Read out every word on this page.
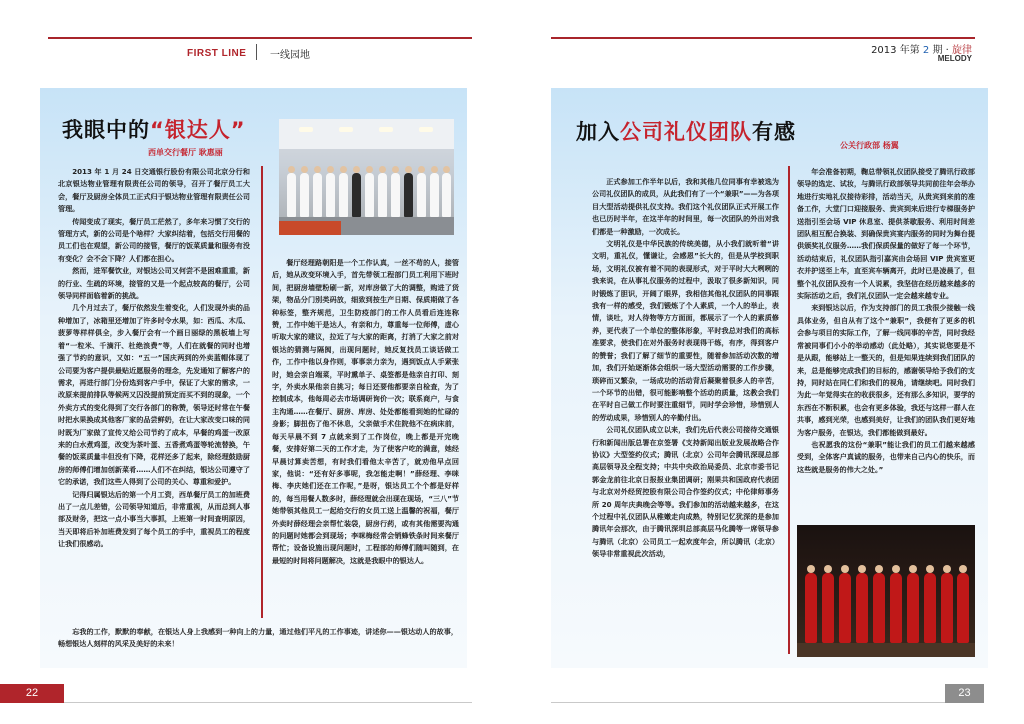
FIRST LINE 一线园地	2013 年第 2 期 · 旋律
MELODY
我眼中的“银达人”
西单交行餐厅 耿惠丽

2013 年 1 月 24 日交通银行股份有限公司北京分行和北京银达物业管理有限责任公司的领导，召开了餐厅员工大会，餐厅及厨房全体员工正式归于银达物业管理有限责任公司管理。

传闻变成了现实，餐厅员工茫然了，多年来习惯了交行的管理方式，新的公司是个啥样？大家纠结着，包括交行用餐的员工们也在观望，新公司的接管，餐厅的饭菜质量和服务有没有变化？会不会下降？人们都在担心。

然而，进军餐饮业，对银达公司又何尝不是困难重重，新的行业、生疏的环境，接管的又是一个起点较高的餐厅，公司领导同样面临着新的挑战。

几个月过去了，餐厅依然发生着变化，人们发现外卖的品种增加了，冰箱里还增加了许多时令水果，如：西瓜、木瓜、菠萝等样样俱全，步入餐厅会有一个画日丽绿的黑板墙上写着“一粒米、千滴汗、杜绝浪费”等，人们在就餐的同时也增强了节约的意识，又如：“五一”国庆两到的外卖蓝帽体现了公司要为客户提供最贴近愿服务的理念，先发通知了解客户的需求，再进行部门分份选到客户手中，保证了大家的需求，一改原来提前排队等候两又囚没提前预定而买不到的现象，一个外卖方式的变化得到了交行各部门的称赞，领导还时常在午餐时把水果换成其他客厂家的品尝鲜奶，在让大家改变口味的同时既为厂家做了宣传又给公司节约了成本，早餐的鸡蛋一改原来的白水煮鸡蛋，改变为茶叶蛋、五香煮鸡蛋等轮流替换，午餐的饭菜质量丰但没有下降，花样还多了起来，除经理鼓励厨房的师傅们增加创新菜肴……人们不在纠结，银达公司遵守了它的承诺，我们这些人得到了公司的关心、尊重和爱护。

记得归属银达后的第一个月工资，西单餐厅员工的加班费出了一点儿差错，公司领导知道后，非常重视，从而总到人事部及财务，把这一点小事当大事抓，上班第一时间查明原因，当天即将后补加班费发到了每个员工的手中，重视员工的程度让我们很感动。

餐厅经理路朝阳是一个工作认真，一丝不苟的人，接管后，她从改变环境入手，首先带领工程部门员工利用下班时间，把厨房墙壁粉刷一新，对库房做了大的调整，购进了货架，物品分门别类码放，细致到按生产日期、保质期做了各种标签，整齐规范，卫生防疫部门的工作人员看后连连称赞，工作中她干是达人，有亲和力，尊重每一位师傅，虚心听取大家的建议，拉近了与大家的距离，打消了大家之前对银达的猜测与隔阂，出现问题时，她反复找员工谈话做工作，工作中他以身作则，事事亲力亲为，遇到饭点人手紧张时，她会亲自端菜，平时熏单子、桌签都是他亲自打印、刻字，外卖水果他亲自挑习；每日还要他都要亲自检查，为了控制成本，他每周必去市场调研询价一次；联系商户，与食主沟通……在餐厅、厨房、库房、处处都能看到她的忙碌的身影；脚扭伤了他不休息，父亲做手术住院他不在病床前，每天早晨不到 7 点就来到了工作岗位，晚上都是开完晚餐，安排好第二天的工作才走，为了使客户吃的满意，她经早晨讨算卖苦想，有时我们看他太辛苦了，就劝他早点回家，他说：“还有好多事呢，我怎能走啊！”薛经理、李咪梅、李庆她们还在工作呢，”是呀，银达员工个个都是好样的，每当用餐人数多时，薛经理就会出现在现场，“三八”节她带领其他员工一起给交行的女员工送上温馨的祝福，餐厅外卖时薛经理会亲帮忙装袋，厨房行药，或有其他需要沟通的问题时她都会到现场；李咪梅经常会销蜂铁条时间来餐厅帮忙；设备设施出现问题时，工程部的师傅们随叫随到，在最短的时间将问题解决，这就是我眼中的银达人。

忘我的工作，默默的奉献，在银达人身上我感到一种向上的力量，通过他们平凡的工作事迹，讲述你——银达动人的故事，畅想银达人刻样的风采及美好的未来！

加入公司礼仪团队有感
公关行政部 杨翼

正式参加工作半年以后，我和其他几位同事有幸被选为公司礼仪团队的成员，从此我们有了一个“兼职”——为各项目大型活动提供礼仪支持。我们这个礼仪团队正式开展工作也已历时半年，在这半年的时间里，每一次团队的外出对我们都是一种激励，一次成长。

文明礼仪是中华民族的传统美德，从小我们就听着“讲文明，重礼仪，懂谦让，会感恩”长大的，但是从学校到职场，文明礼仪被有着不同的表现形式，对于平时大大咧咧的我来说，在从事礼仪服务的过程中，汲取了很多新知识，同时锻炼了胆识，开阔了眼界，我相信其他礼仪团队的同事跟我有一样的感受，我们锻炼了个人素质，一个人的举止，表情，谈吐，对人待物等方方面面，都展示了一个人的素质修养，更代表了一个单位的整体形象，平时我总对我们的高标准要求，使我们在对外服务时表现得干练，有序，得到客户的赞誉；我们了解了细节的重要性，随着参加活动次数的增加，我们开始逐渐体会组织一场大型活动需要的工作步骤，琐碎而又繁杂，一场成功的活动背后凝聚着很多人的辛苦，一个环节的出错，很可能影响整个活动的质量，这教会我们在平时自己做工作时要注重细节，同时学会珍惜，珍惜别人的劳动成果，珍惜别人的辛勤付出。

公司礼仪团队成立以来，我们先后代表公司接待交通银行和新闻出版总署在京签署《支持新闻出版业发展战略合作协议》大型签约仪式；腾讯（北京）公司年会腾讯深现总部高层领导及全程支持；中共中央政治局委员、北京市委书记郭金龙前往北京日报报业集团调研；刚果共和国政府代表团与北京对外经贸控股有限公司合作签约仪式；中伦律师事务所 20 周年庆典晚会等等。我们参加的活动越来越多，在这个过程中礼仪团队从稚嫩走向成熟，特别记忆犹深的是参加腾讯年会那次，由于腾讯深圳总部高层马化腾等一席领导参与腾讯（北京）公司员工一起欢度年会，所以腾讯（北京）领导非常重视此次活动，

年会准备初期，鞠总带领礼仪团队接受了腾讯行政部领导的选定、试妆，与腾讯行政部领导共同前往年会举办地进行实地礼仪接待彩排，活动当天，从贵宾到来前的准备工作，大堂门口迎接服务、贵宾到来后进行专梯服务护送指引至会场 VIP 休息室、提供茶歇服务、利用时间差团队相互配合换装、到确保贵宾宴内服务的同时为舞台提供颁奖礼仪服务……我们保质保量的做好了每一个环节，活动结束后，礼仪团队指引嘉宾由会场回 VIP 贵宾室更衣并护送至上车，直至宾车辆离开，此时已是凌晨了，但整个礼仪团队没有一个人说累，我坚信在经历越来越多的实际活动之后，我们礼仪团队一定会越来越专业。

来到银达以后，作为支持部门的员工我很少接触一线具体业务，但自从有了这个“兼职”，我便有了更多的机会参与项目的实际工作，了解一线同事的辛苦，同时我经常被同事们小小的举动感动（此处略），其实说您要是不是从跟，能够站上一整天的，但是知果连续到我们团队的来，总是能够完成我们的目标的，感谢领导给予我们的支持，同时站在同仁们和我们的视角，请继续吧。同时我们为此一年觉得实在的收获很多，还有那么多知识，要学的东西在不断积累，也会有更多体验，我还与这样一群人在共事，感到光荣，也感到美好，让我们的团队我们更好地为客户服务，在银达，我们都能做到最好。

也祝愿我的这份“兼职”能让我们的员工们越来越感受到，全体客户真诚的服务，也带来自己内心的快乐，而这些就是服务的伟大之处。”

22	23
